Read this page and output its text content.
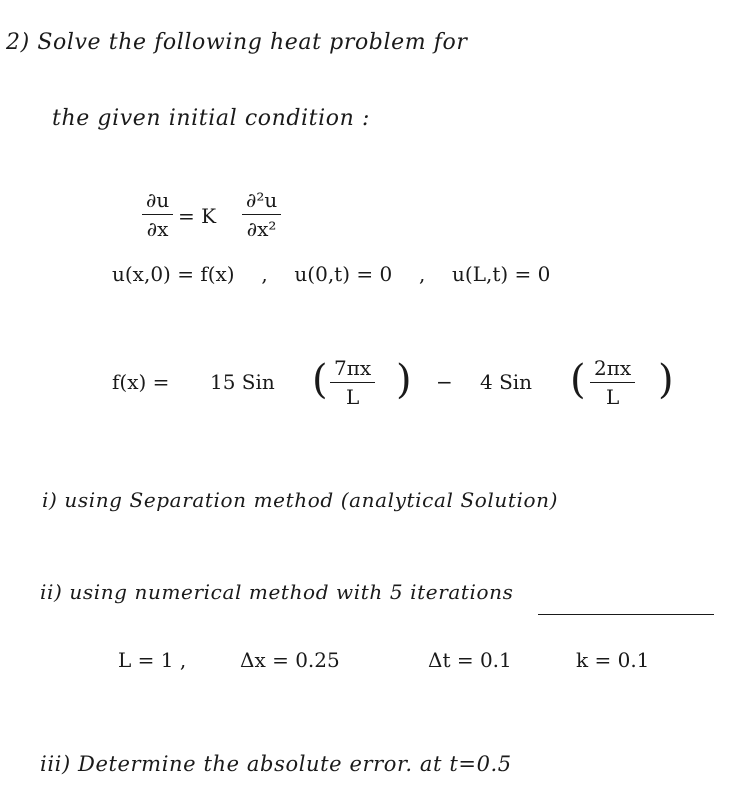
2) Solve the following heat problem for
the given initial condition :
∂u
∂x
= K
∂²u
∂x²
u(x,0) = f(x) , u(0,t) = 0 , u(L,t) = 0
f(x) = 15 Sin ( 7πx
L ) − 4 Sin ( 2πx
L )
i) using Separation method (analytical Solution)
ii) using numerical method with 5 iterations
L = 1 ,	Δx = 0.25	Δt = 0.1	k = 0.1
iii) Determine the absolute error. at t=0.5
